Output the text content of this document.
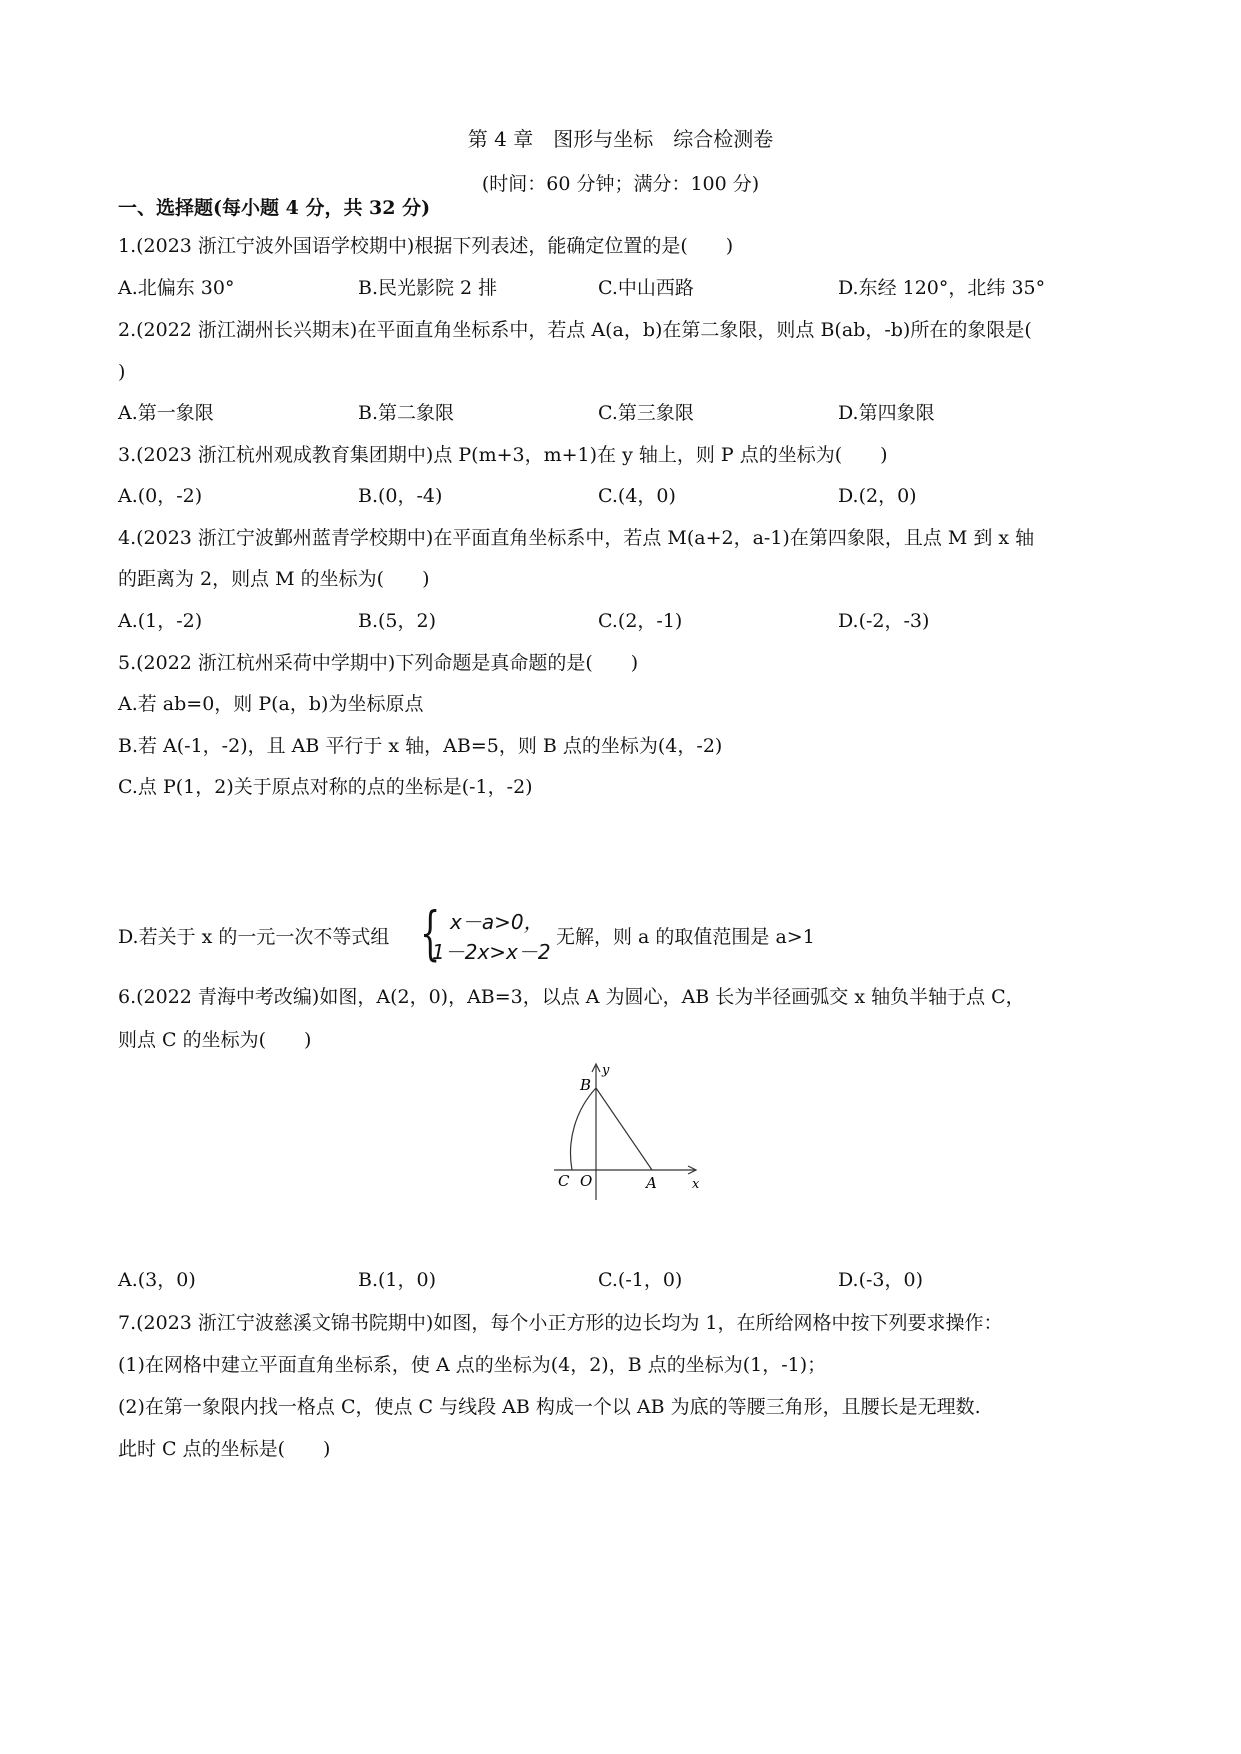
第 4 章　图形与坐标　综合检测卷
(时间：60 分钟；满分：100 分)
一、选择题(每小题 4 分，共 32 分)
1.(2023 浙江宁波外国语学校期中)根据下列表述，能确定位置的是(　　)
A.北偏东 30°	B.民光影院 2 排	C.中山西路	D.东经 120°，北纬 35°
2.(2022 浙江湖州长兴期末)在平面直角坐标系中，若点 A(a，b)在第二象限，则点 B(ab，-b)所在的象限是(
)
A.第一象限	B.第二象限	C.第三象限	D.第四象限
3.(2023 浙江杭州观成教育集团期中)点 P(m+3，m+1)在 y 轴上，则 P 点的坐标为(　　)
A.(0，-2)	B.(0，-4)	C.(4，0)	D.(2，0)
4.(2023 浙江宁波鄞州蓝青学校期中)在平面直角坐标系中，若点 M(a+2，a-1)在第四象限，且点 M 到 x 轴
的距离为 2，则点 M 的坐标为(　　)
A.(1，-2)	B.(5，2)	C.(2，-1)	D.(-2，-3)
5.(2022 浙江杭州采荷中学期中)下列命题是真命题的是(　　)
A.若 ab=0，则 P(a，b)为坐标原点
B.若 A(-1，-2)，且 AB 平行于 x 轴，AB=5，则 B 点的坐标为(4，-2)
C.点 P(1，2)关于原点对称的点的坐标是(-1，-2)
D.若关于 x 的一元一次不等式组 { x－a>0，
1－2x>x－2
无解，则 a 的取值范围是 a>1
6.(2022 青海中考改编)如图，A(2，0)，AB=3，以点 A 为圆心，AB 长为半径画弧交 x 轴负半轴于点 C，
则点 C 的坐标为(　　)
y
x
B
C O	A
A.(3，0)	B.(1，0)	C.(-1，0)	D.(-3，0)
7.(2023 浙江宁波慈溪文锦书院期中)如图，每个小正方形的边长均为 1，在所给网格中按下列要求操作：
(1)在网格中建立平面直角坐标系，使 A 点的坐标为(4，2)，B 点的坐标为(1，-1)；
(2)在第一象限内找一格点 C，使点 C 与线段 AB 构成一个以 AB 为底的等腰三角形，且腰长是无理数.
此时 C 点的坐标是(　　)
